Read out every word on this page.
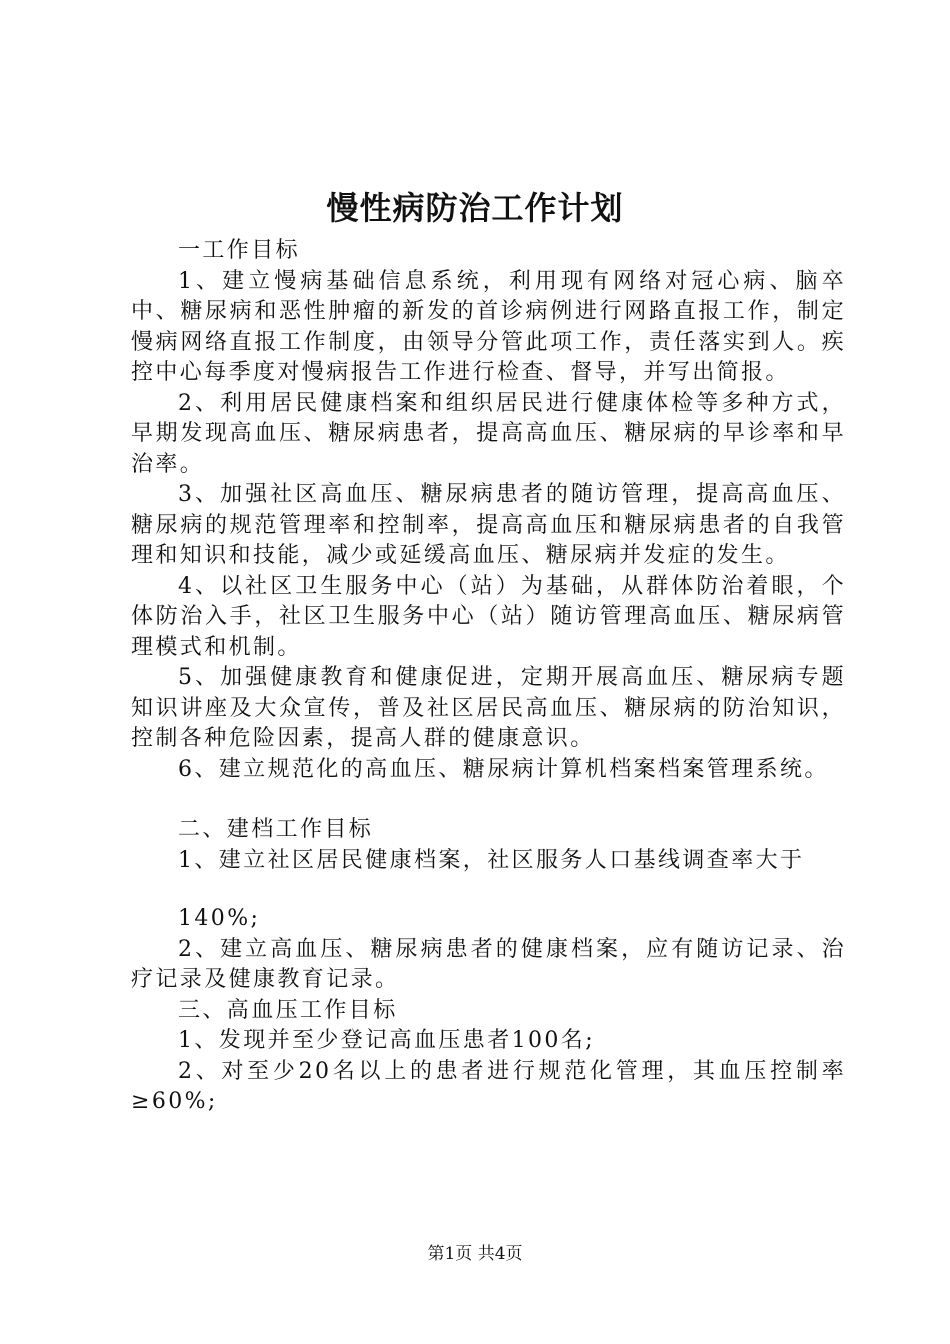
慢性病防治工作计划

一工作目标

1、建立慢病基础信息系统，利用现有网络对冠心病、脑卒中、糖尿病和恶性肿瘤的新发的首诊病例进行网路直报工作，制定慢病网络直报工作制度，由领导分管此项工作，责任落实到人。疾控中心每季度对慢病报告工作进行检查、督导，并写出简报。

2、利用居民健康档案和组织居民进行健康体检等多种方式，早期发现高血压、糖尿病患者，提高高血压、糖尿病的早诊率和早治率。

3、加强社区高血压、糖尿病患者的随访管理，提高高血压、糖尿病的规范管理率和控制率，提高高血压和糖尿病患者的自我管理和知识和技能，减少或延缓高血压、糖尿病并发症的发生。

4、以社区卫生服务中心（站）为基础，从群体防治着眼，个体防治入手，社区卫生服务中心（站）随访管理高血压、糖尿病管理模式和机制。

5、加强健康教育和健康促进，定期开展高血压、糖尿病专题知识讲座及大众宣传，普及社区居民高血压、糖尿病的防治知识，控制各种危险因素，提高人群的健康意识。

6、建立规范化的高血压、糖尿病计算机档案档案管理系统。

二、建档工作目标

1、建立社区居民健康档案，社区服务人口基线调查率大于

140%;

2、建立高血压、糖尿病患者的健康档案，应有随访记录、治疗记录及健康教育记录。

三、高血压工作目标

1、发现并至少登记高血压患者100名;

2、对至少20名以上的患者进行规范化管理，其血压控制率≥60%;

第1页 共4页
